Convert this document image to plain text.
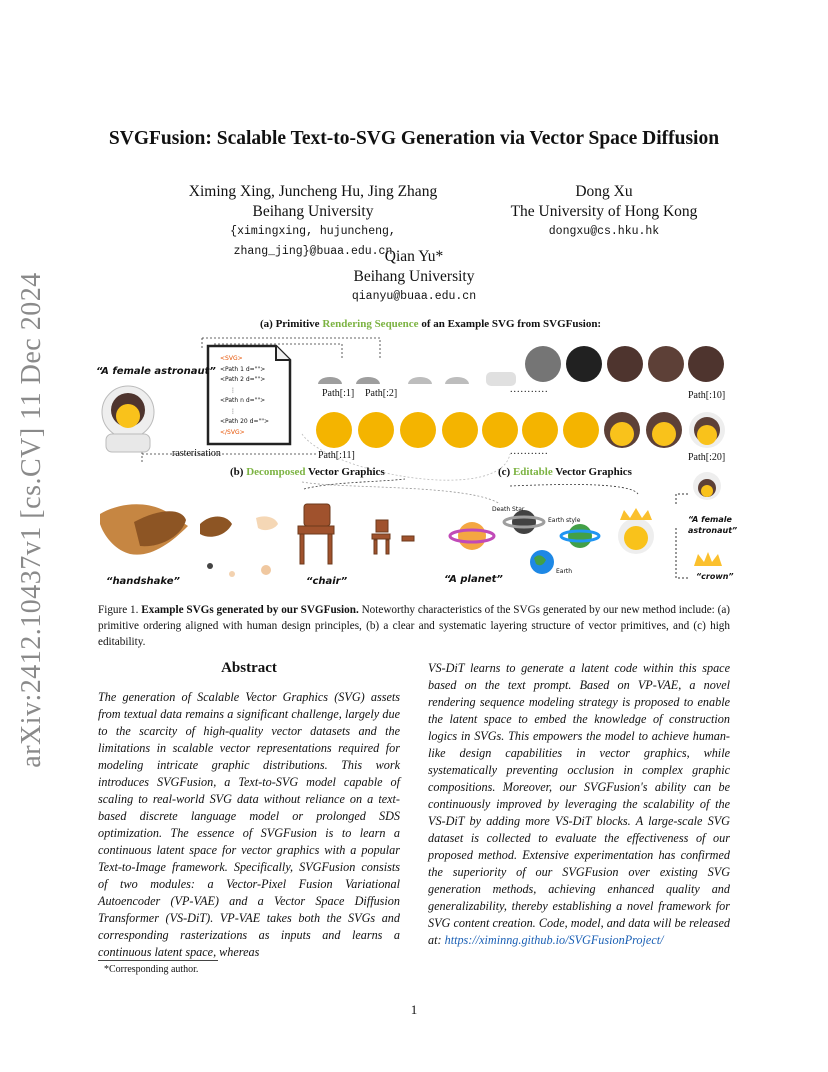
arXiv:2412.10437v1 [cs.CV] 11 Dec 2024
SVGFusion: Scalable Text-to-SVG Generation via Vector Space Diffusion
Ximing Xing, Juncheng Hu, Jing Zhang
Beihang University
{ximingxing, hujuncheng, zhang_jing}@buaa.edu.cn
Dong Xu
The University of Hong Kong
dongxu@cs.hku.hk
Qian Yu*
Beihang University
qianyu@buaa.edu.cn
(a) Primitive Rendering Sequence of an Example SVG from SVGFusion:
(b) Decomposed Vector Graphics	(c) Editable Vector Graphics
<SVG>
<Path 1 d="">
<Path 2 d="">
⋮
<Path n d="">
⋮
<Path 20 d="">
</SVG>
“A female astronaut”
Path[:1] Path[:2]	...........
Path[:10]
rasterisation	Path[:11]	...........
Path[:20]
“handshake”	“chair”	“A planet”
“A female astronaut”
“crown”
Death Star
Earth style
Earth
Figure 1. Example SVGs generated by our SVGFusion. Noteworthy characteristics of the SVGs generated by our new method include: (a) primitive ordering aligned with human design principles, (b) a clear and systematic layering structure of vector primitives, and (c) high editability.
Abstract
The generation of Scalable Vector Graphics (SVG) assets from textual data remains a significant challenge, largely due to the scarcity of high-quality vector datasets and the limitations in scalable vector representations required for modeling intricate graphic distributions. This work introduces SVGFusion, a Text-to-SVG model capable of scaling to real-world SVG data without reliance on a text-based discrete language model or prolonged SDS optimization. The essence of SVGFusion is to learn a continuous latent space for vector graphics with a popular Text-to-Image framework. Specifically, SVGFusion consists of two modules: a Vector-Pixel Fusion Variational Autoencoder (VP-VAE) and a Vector Space Diffusion Transformer (VS-DiT). VP-VAE takes both the SVGs and corresponding rasterizations as inputs and learns a continuous latent space, whereas
VS-DiT learns to generate a latent code within this space based on the text prompt. Based on VP-VAE, a novel rendering sequence modeling strategy is proposed to enable the latent space to embed the knowledge of construction logics in SVGs. This empowers the model to achieve human-like design capabilities in vector graphics, while systematically preventing occlusion in complex graphic compositions. Moreover, our SVGFusion's ability can be continuously improved by leveraging the scalability of the VS-DiT by adding more VS-DiT blocks. A large-scale SVG dataset is collected to evaluate the effectiveness of our proposed method. Extensive experimentation has confirmed the superiority of our SVGFusion over existing SVG generation methods, achieving enhanced quality and generalizability, thereby establishing a novel framework for SVG content creation. Code, model, and data will be released at: https://ximinng.github.io/SVGFusionProject/
*Corresponding author.
1
